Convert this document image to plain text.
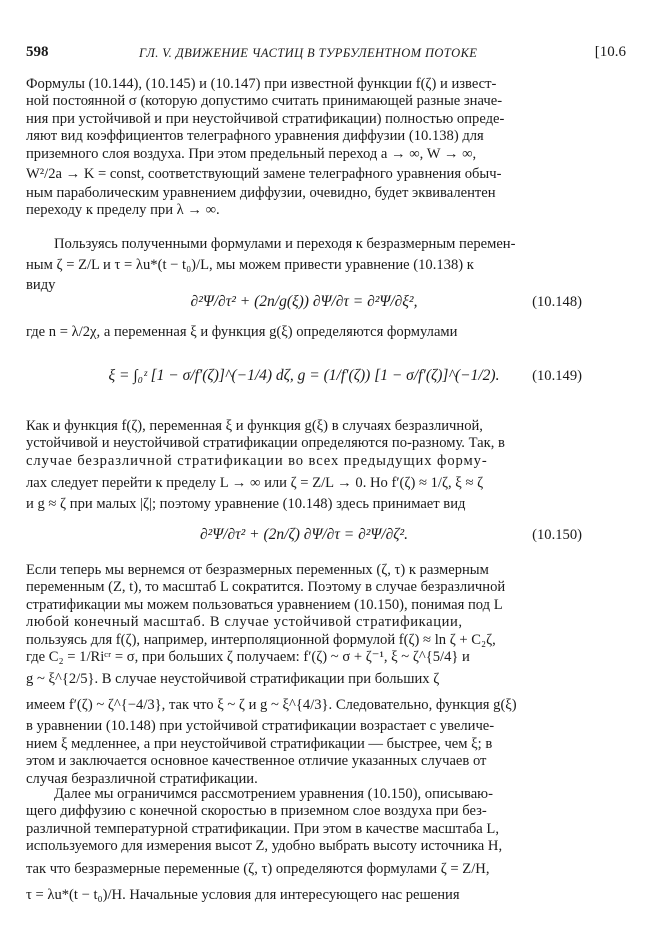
598	ГЛ. V. ДВИЖЕНИЕ ЧАСТИЦ В ТУРБУЛЕНТНОМ ПОТОКЕ	[10.6
Формулы (10.144), (10.145) и (10.147) при известной функции f(ζ) и извест-
ной постоянной σ (которую допустимо считать принимающей разные значе-
ния при устойчивой и при неустойчивой стратификации) полностью опреде-
ляют вид коэффициентов телеграфного уравнения диффузии (10.138) для
приземного слоя воздуха. При этом предельный переход a → ∞, W → ∞,
W²/2a → K = const, соответствующий замене телеграфного уравнения обыч-
ным параболическим уравнением диффузии, очевидно, будет эквивалентен
переходу к пределу при λ → ∞.
Пользуясь полученными формулами и переходя к безразмерным перемен-
ным ζ = Z/L и τ = λu*(t − t₀)/L, мы можем привести уравнение (10.138) к
виду
∂²Ψ/∂τ² + (2n/g(ξ)) ∂Ψ/∂τ = ∂²Ψ/∂ξ²,	(10.148)
где n = λ/2χ, а переменная ξ и функция g(ξ) определяются формулами
ξ = ∫₀ᶻ [1 − σ/f′(ζ)]^(−1/4) dζ, g = (1/f′(ζ)) [1 − σ/f′(ζ)]^(−1/2). (10.149)
Как и функция f(ζ), переменная ξ и функция g(ξ) в случаях безразличной,
устойчивой и неустойчивой стратификации определяются по-разному. Так, в
случае безразличной стратификации во всех предыдущих форму-
лах следует перейти к пределу L → ∞ или ζ = Z/L → 0. Но f′(ζ) ≈ 1/ζ, ξ ≈ ζ
и g ≈ ζ при малых |ζ|; поэтому уравнение (10.148) здесь принимает вид
∂²Ψ/∂τ² + (2n/ζ) ∂Ψ/∂τ = ∂²Ψ/∂ζ².	(10.150)
Если теперь мы вернемся от безразмерных переменных (ζ, τ) к размерным
переменным (Z, t), то масштаб L сократится. Поэтому в случае безразличной
стратификации мы можем пользоваться уравнением (10.150), понимая под L
любой конечный масштаб. В случае устойчивой стратификации,
пользуясь для f(ζ), например, интерполяционной формулой f(ζ) ≈ ln ζ + C₂ζ,
где C₂ = 1/Riᶜʳ = σ, при больших ζ получаем: f′(ζ) ~ σ + ζ⁻¹, ξ ~ ζ^{5/4} и
g ~ ξ^{2/5}. В случае неустойчивой стратификации при больших ζ
имеем f′(ζ) ~ ζ^{−4/3}, так что ξ ~ ζ и g ~ ξ^{4/3}. Следовательно, функция g(ξ)
в уравнении (10.148) при устойчивой стратификации возрастает с увеличе-
нием ξ медленнее, а при неустойчивой стратификации — быстрее, чем ξ; в
этом и заключается основное качественное отличие указанных случаев от
случая безразличной стратификации.
Далее мы ограничимся рассмотрением уравнения (10.150), описываю-
щего диффузию с конечной скоростью в приземном слое воздуха при без-
различной температурной стратификации. При этом в качестве масштаба L,
используемого для измерения высот Z, удобно выбрать высоту источника H,
так что безразмерные переменные (ζ, τ) определяются формулами ζ = Z/H,
τ = λu*(t − t₀)/H. Начальные условия для интересующего нас решения
